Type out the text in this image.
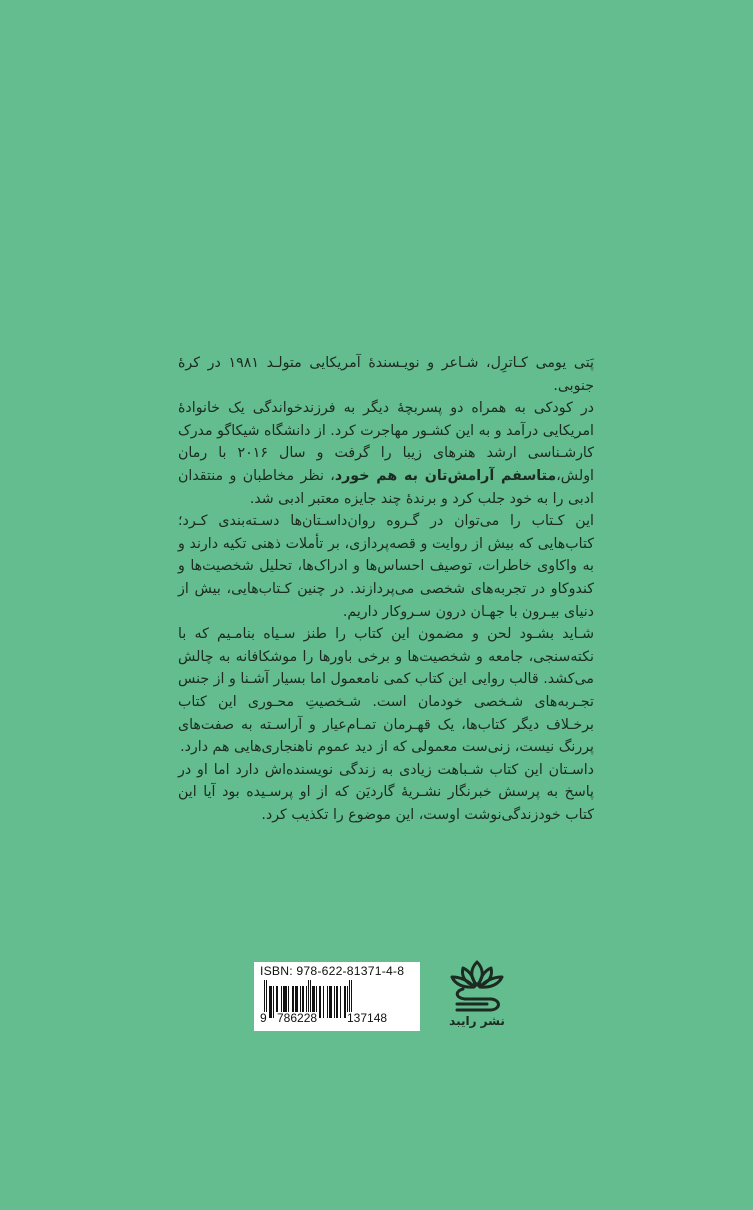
پَتی یومی کـاترِل، شـاعر و نویـسندهٔ آمریکایی متولـد ۱۹۸۱ در کرهٔ جنوبی.

در کودکی به همراه دو پسربچهٔ دیگر به فرزندخواندگی یک خانوادهٔ امریکایی درآمد و به این کشـور مهاجرت کرد. از دانشگاه شیکاگو مدرک کارشـناسی ارشد هنرهای زیبا را گرفت و سال ۲۰۱۶ با رمان اولش،متاسفم آرامش‌تان به هم خورد، نظر مخاطبان و منتقدان ادبی را به خود جلب کرد و برندهٔ چند جایزه معتبر ادبی شد.

این کـتاب را می‌توان در گـروه روان‌داسـتان‌ها دسـته‌بندی کـرد؛ کتاب‌هایی که بیش از روایت و قصه‌پردازی، بر تأملات ذهنی تکیه دارند و به واکاوی خاطرات، توصیف احساس‌ها و ادراک‌ها، تحلیل شخصیت‌ها و کندوکاو در تجربه‌های شخصی می‌پردازند. در چنین کـتاب‌هایی، بیش از دنیای بیـرون با جهـان درون سـروکار داریم.

شـاید بشـود لحن و مضمون این کتاب را طنز سـیاه بنامـیم که با نکته‌سنجی، جامعه و شخصیت‌ها و برخی باورها را موشکافانه به چالش می‌کشد. قالب روایی این کتاب کمی نامعمول اما بسیار آشـنا و از جنس تجـربه‌های شـخصی خودمان است. شـخصیتِ محـوری این کتاب برخـلاف دیگر کتاب‌ها، یک قهـرمان تمـام‌عیار و آراسـته به صفت‌های پررنگ نیست، زنی‌ست معمولی که از دید عموم ناهنجاری‌هایی هم دارد.

داسـتان این کتاب شـباهت زیادی به زندگی نویسنده‌اش دارد اما او در پاسخ به پرسش خبرنگار نشـریهٔ گاردیَن که از او پرسـیده بود آیا این کتاب خودزندگی‌نوشت اوست، این موضوع را تکذیب کرد.

ISBN: 978-622-81371-4-8
9 786228 137148	نشر رایبد
